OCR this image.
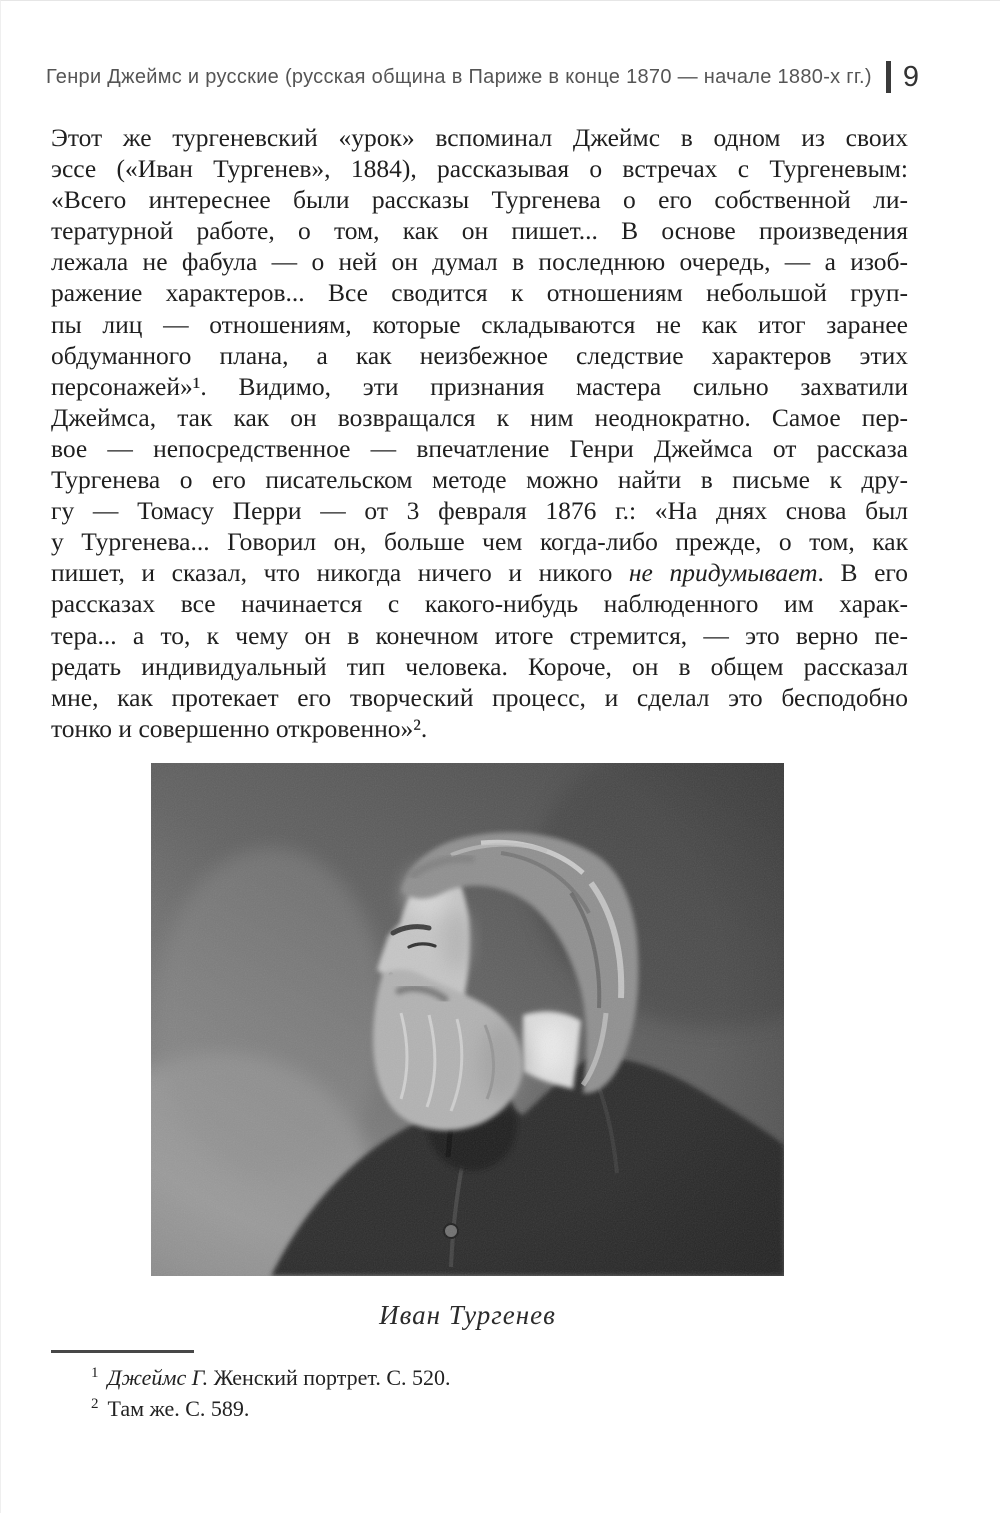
Генри Джеймс и русские (русская община в Париже в конце 1870 — начале 1880-х гг.) 9
Этот же тургеневский «урок» вспоминал Джеймс в одном из своих
эссе («Иван Тургенев», 1884), рассказывая о встречах с Тургеневым:
«Всего интереснее были рассказы Тургенева о его собственной ли-
тературной работе, о том, как он пишет... В основе произведения
лежала не фабула — о ней он думал в последнюю очередь, — а изоб-
ражение характеров... Все сводится к отношениям небольшой груп-
пы лиц — отношениям, которые складываются не как итог заранее
обдуманного плана, а как неизбежное следствие характеров этих
персонажей»¹. Видимо, эти признания мастера сильно захватили
Джеймса, так как он возвращался к ним неоднократно. Самое пер-
вое — непосредственное — впечатление Генри Джеймса от рассказа
Тургенева о его писательском методе можно найти в письме к дру-
гу — Томасу Перри — от 3 февраля 1876 г.: «На днях снова был
у Тургенева... Говорил он, больше чем когда-либо прежде, о том, как
пишет, и сказал, что никогда ничего и никого не придумывает. В его
рассказах все начинается с какого-нибудь наблюденного им харак-
тера... а то, к чему он в конечном итоге стремится, — это верно пе-
редать индивидуальный тип человека. Короче, он в общем рассказал
мне, как протекает его творческий процесс, и сделал это бесподобно
тонко и совершенно откровенно»².
Иван Тургенев
$^1$ Джеймс Г. Женский портрет. С. 520.
$^2$ Там же. С. 589.
